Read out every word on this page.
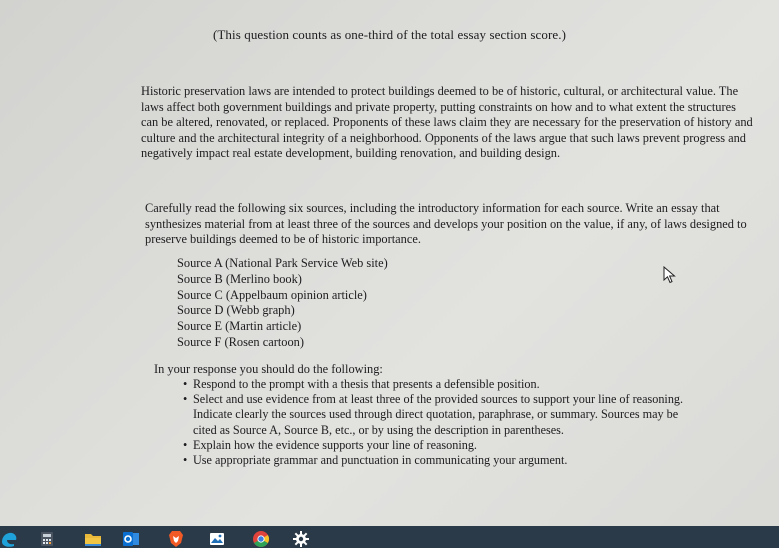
(This question counts as one-third of the total essay section score.)

Historic preservation laws are intended to protect buildings deemed to be of historic, cultural, or architectural value. The laws affect both government buildings and private property, putting constraints on how and to what extent the structures can be altered, renovated, or replaced. Proponents of these laws claim they are necessary for the preservation of history and culture and the architectural integrity of a neighborhood. Opponents of the laws argue that such laws prevent progress and negatively impact real estate development, building renovation, and building design.

Carefully read the following six sources, including the introductory information for each source. Write an essay that synthesizes material from at least three of the sources and develops your position on the value, if any, of laws designed to preserve buildings deemed to be of historic importance.

Source A (National Park Service Web site)
Source B (Merlino book)
Source C (Appelbaum opinion article)
Source D (Webb graph)
Source E (Martin article)
Source F (Rosen cartoon)

In your response you should do the following:

• Respond to the prompt with a thesis that presents a defensible position.
• Select and use evidence from at least three of the provided sources to support your line of reasoning. Indicate clearly the sources used through direct quotation, paraphrase, or summary. Sources may be cited as Source A, Source B, etc., or by using the description in parentheses.
• Explain how the evidence supports your line of reasoning.
• Use appropriate grammar and punctuation in communicating your argument.
